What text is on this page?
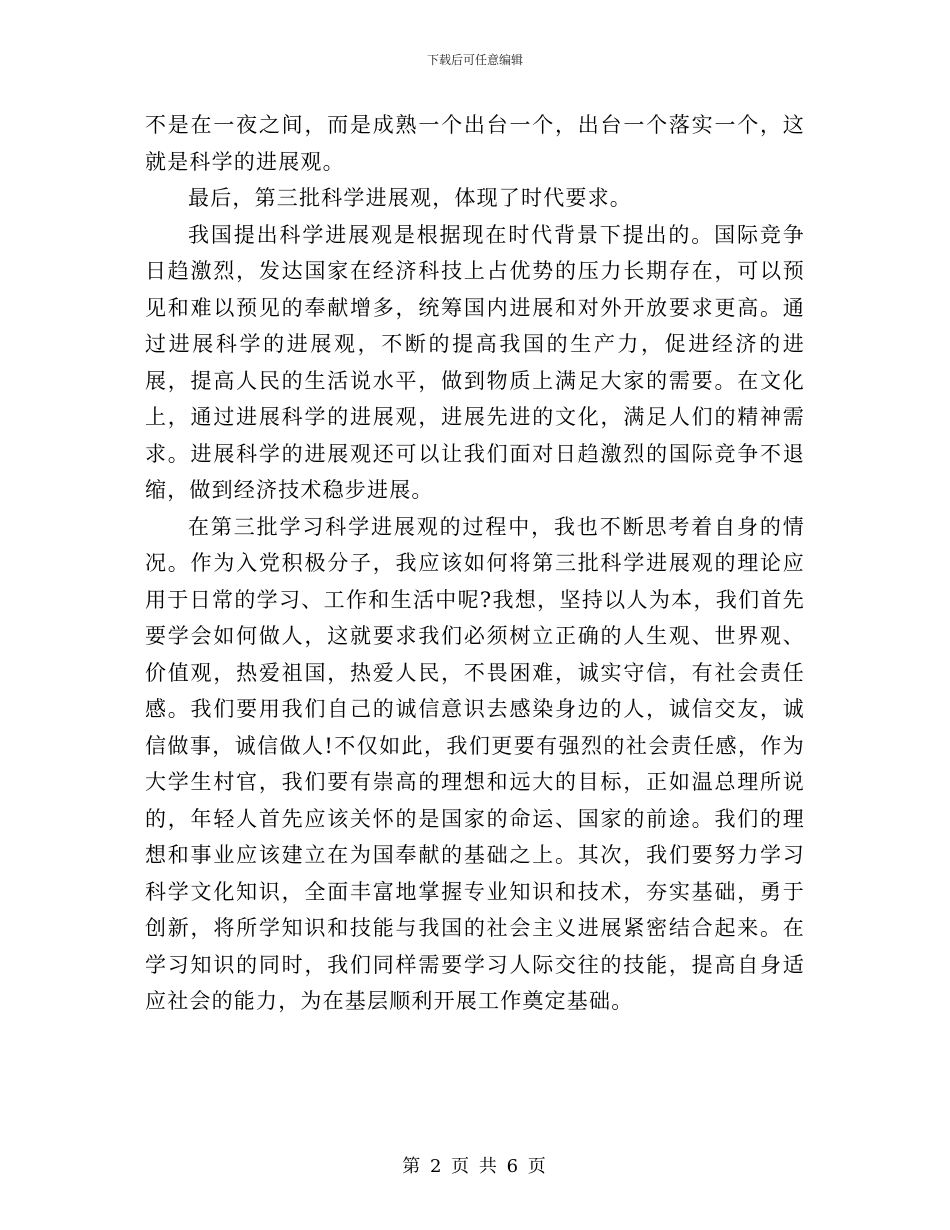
下载后可任意编辑

不是在一夜之间，而是成熟一个出台一个，出台一个落实一个，这就是科学的进展观。

最后，第三批科学进展观，体现了时代要求。

我国提出科学进展观是根据现在时代背景下提出的。国际竞争日趋激烈，发达国家在经济科技上占优势的压力长期存在，可以预见和难以预见的奉献增多，统筹国内进展和对外开放要求更高。通过进展科学的进展观，不断的提高我国的生产力，促进经济的进展，提高人民的生活说水平，做到物质上满足大家的需要。在文化上，通过进展科学的进展观，进展先进的文化，满足人们的精神需求。进展科学的进展观还可以让我们面对日趋激烈的国际竞争不退缩，做到经济技术稳步进展。

在第三批学习科学进展观的过程中，我也不断思考着自身的情况。作为入党积极分子，我应该如何将第三批科学进展观的理论应用于日常的学习、工作和生活中呢?我想，坚持以人为本，我们首先要学会如何做人，这就要求我们必须树立正确的人生观、世界观、价值观，热爱祖国，热爱人民，不畏困难，诚实守信，有社会责任感。我们要用我们自己的诚信意识去感染身边的人，诚信交友，诚信做事，诚信做人!不仅如此，我们更要有强烈的社会责任感，作为大学生村官，我们要有崇高的理想和远大的目标，正如温总理所说的，年轻人首先应该关怀的是国家的命运、国家的前途。我们的理想和事业应该建立在为国奉献的基础之上。其次，我们要努力学习科学文化知识，全面丰富地掌握专业知识和技术，夯实基础，勇于创新，将所学知识和技能与我国的社会主义进展紧密结合起来。在学习知识的同时，我们同样需要学习人际交往的技能，提高自身适应社会的能力，为在基层顺利开展工作奠定基础。

第 2 页 共 6 页
